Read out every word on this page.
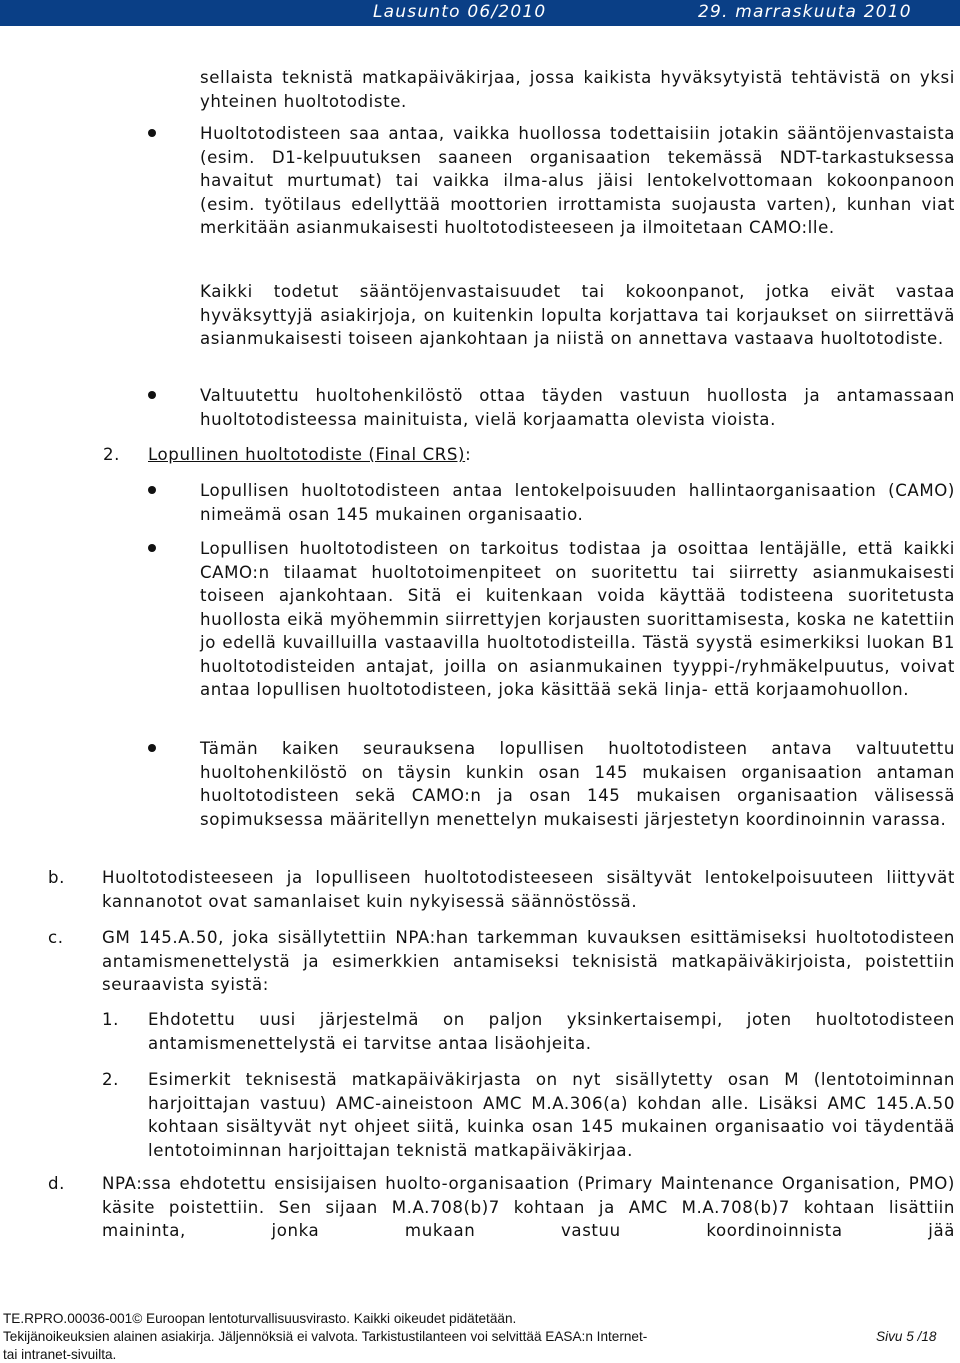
Lausunto 06/2010	29. marraskuuta 2010

sellaista teknistä matkapäiväkirjaa, jossa kaikista hyväksytyistä tehtävistä on yksi yhteinen huoltotodiste.

Huoltotodisteen saa antaa, vaikka huollossa todettaisiin jotakin sääntöjenvastaista (esim. D1-kelpuutuksen saaneen organisaation tekemässä NDT-tarkastuksessa havaitut murtumat) tai vaikka ilma-alus jäisi lentokelvottomaan kokoonpanoon (esim. työtilaus edellyttää moottorien irrottamista suojausta varten), kunhan viat merkitään asianmukaisesti huoltotodisteeseen ja ilmoitetaan CAMO:lle.

Kaikki todetut sääntöjenvastaisuudet tai kokoonpanot, jotka eivät vastaa hyväksyttyjä asiakirjoja, on kuitenkin lopulta korjattava tai korjaukset on siirrettävä asianmukaisesti toiseen ajankohtaan ja niistä on annettava vastaava huoltotodiste.

Valtuutettu huoltohenkilöstö ottaa täyden vastuun huollosta ja antamassaan huoltotodisteessa mainituista, vielä korjaamatta olevista vioista.

2. Lopullinen huoltotodiste (Final CRS):

Lopullisen huoltotodisteen antaa lentokelpoisuuden hallintaorganisaation (CAMO) nimeämä osan 145 mukainen organisaatio.

Lopullisen huoltotodisteen on tarkoitus todistaa ja osoittaa lentäjälle, että kaikki CAMO:n tilaamat huoltotoimenpiteet on suoritettu tai siirretty asianmukaisesti toiseen ajankohtaan. Sitä ei kuitenkaan voida käyttää todisteena suoritetusta huollosta eikä myöhemmin siirrettyjen korjausten suorittamisesta, koska ne katettiin jo edellä kuvailluilla vastaavilla huoltotodisteilla. Tästä syystä esimerkiksi luokan B1 huoltotodisteiden antajat, joilla on asianmukainen tyyppi-/ryhmäkelpuutus, voivat antaa lopullisen huoltotodisteen, joka käsittää sekä linja- että korjaamohuollon.

Tämän kaiken seurauksena lopullisen huoltotodisteen antava valtuutettu huoltohenkilöstö on täysin kunkin osan 145 mukaisen organisaation antaman huoltotodisteen sekä CAMO:n ja osan 145 mukaisen organisaation välisessä sopimuksessa määritellyn menettelyn mukaisesti järjestetyn koordinoinnin varassa.

b. Huoltotodisteeseen ja lopulliseen huoltotodisteeseen sisältyvät lentokelpoisuuteen liittyvät kannanotot ovat samanlaiset kuin nykyisessä säännöstössä.

c. GM 145.A.50, joka sisällytettiin NPA:han tarkemman kuvauksen esittämiseksi huoltotodisteen antamismenettelystä ja esimerkkien antamiseksi teknisistä matkapäiväkirjoista, poistettiin seuraavista syistä:

1. Ehdotettu uusi järjestelmä on paljon yksinkertaisempi, joten huoltotodisteen antamismenettelystä ei tarvitse antaa lisäohjeita.

2. Esimerkit teknisestä matkapäiväkirjasta on nyt sisällytetty osan M (lentotoiminnan harjoittajan vastuu) AMC-aineistoon AMC M.A.306(a) kohdan alle. Lisäksi AMC 145.A.50 kohtaan sisältyvät nyt ohjeet siitä, kuinka osan 145 mukainen organisaatio voi täydentää lentotoiminnan harjoittajan teknistä matkapäiväkirjaa.

d. NPA:ssa ehdotettu ensisijaisen huolto-organisaation (Primary Maintenance Organisation, PMO) käsite poistettiin. Sen sijaan M.A.708(b)7 kohtaan ja AMC M.A.708(b)7 kohtaan lisättiin maininta, jonka mukaan vastuu koordinoinnista jää

TE.RPRO.00036-001© Euroopan lentoturvallisuusvirasto. Kaikki oikeudet pidätetään.
Tekijänoikeuksien alainen asiakirja. Jäljennöksiä ei valvota. Tarkistustilanteen voi selvittää EASA:n Internet-
tai intranet-sivuilta.
Sivu 5 /18
